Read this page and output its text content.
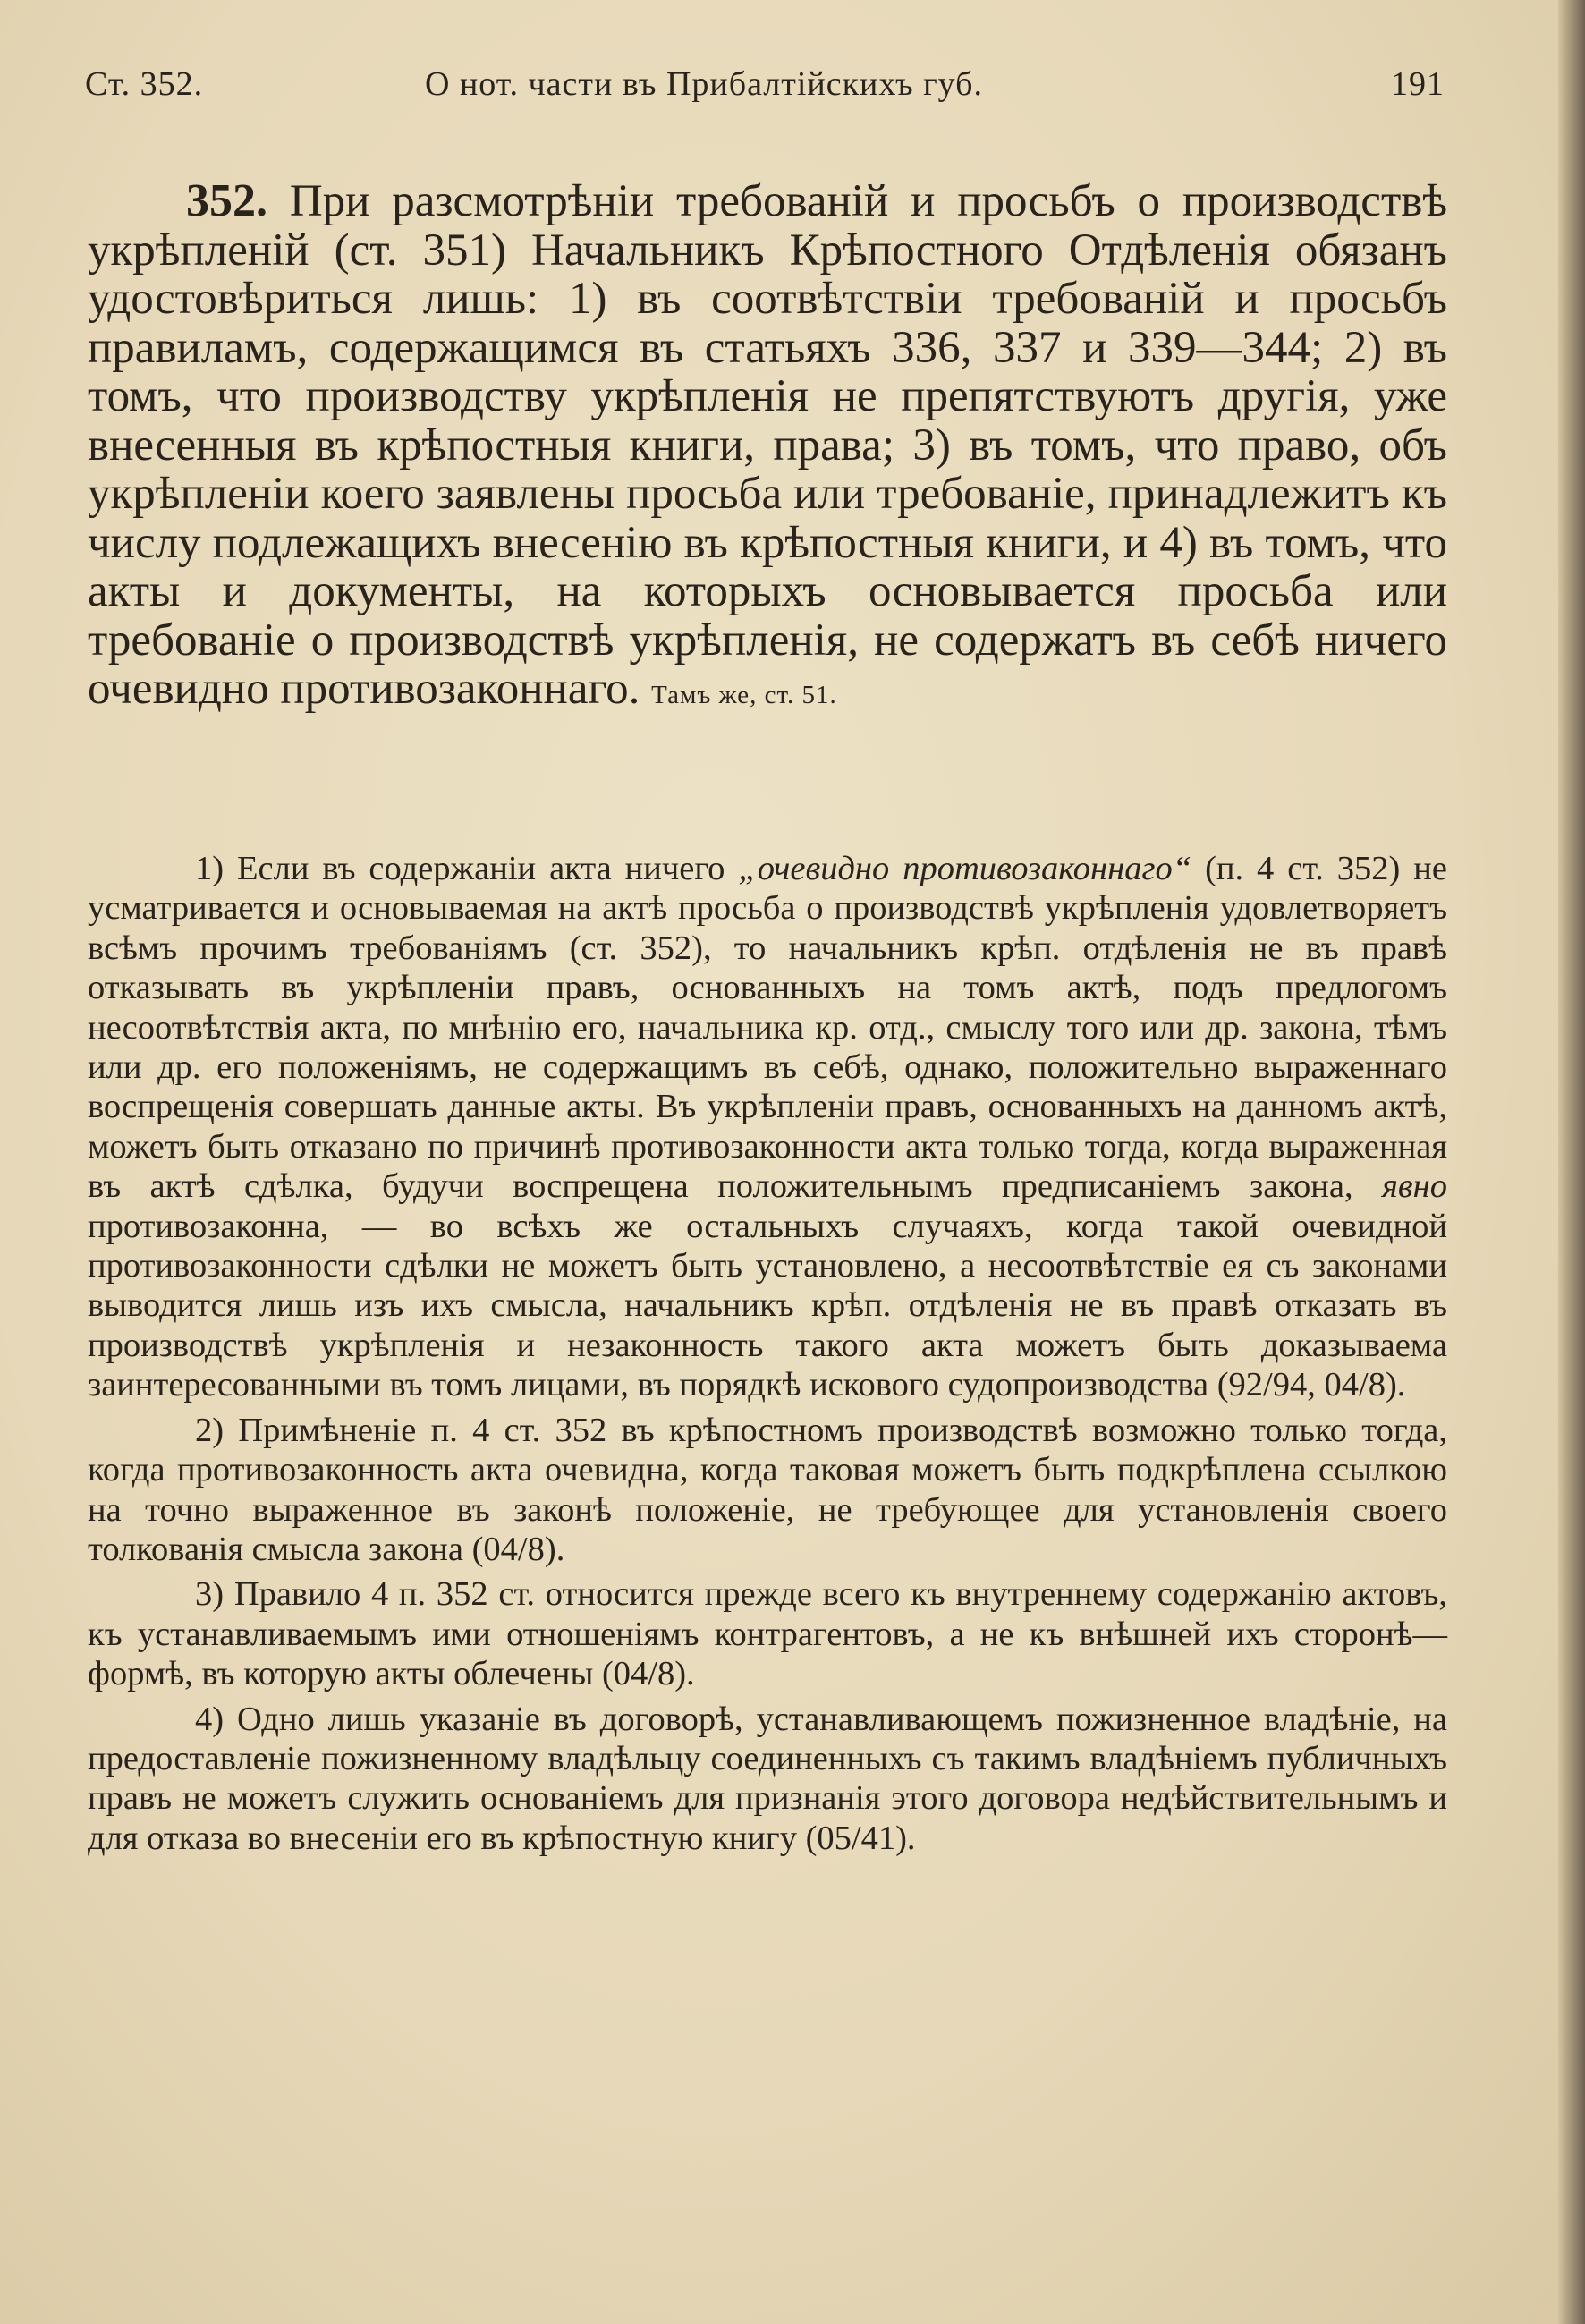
Ст. 352.	О нот. части въ Прибалтiйскихъ губ.	191
352. При разсмотрѣнiи требованiй и просьбъ о производствѣ укрѣпленiй (ст. 351) Начальникъ Крѣпостного Отдѣленiя обязанъ удостовѣриться лишь: 1) въ соотвѣтствiи требованiй и просьбъ правиламъ, содержащимся въ статьяхъ 336, 337 и 339—344; 2) въ томъ, что производству укрѣпленiя не препятствуютъ другiя, уже внесенныя въ крѣпостныя книги, права; 3) въ томъ, что право, объ укрѣпленiи коего заявлены просьба или требованiе, принадлежитъ къ числу подлежащихъ внесенiю въ крѣпостныя книги, и 4) въ томъ, что акты и документы, на которыхъ основывается просьба или требованiе о производствѣ укрѣпленiя, не содержатъ въ себѣ ничего очевидно противозаконнаго. Тамъ же, ст. 51.

1) Если въ содержанiи акта ничего „очевидно противозаконнаго“ (п. 4 ст. 352) не усматривается и основываемая на актѣ просьба о производствѣ укрѣпленiя удовлетворяетъ всѣмъ прочимъ требованiямъ (ст. 352), то начальникъ крѣп. отдѣленiя не въ правѣ отказывать въ укрѣпленiи правъ, основанныхъ на томъ актѣ, подъ предлогомъ несоотвѣтствiя акта, по мнѣнiю его, начальника кр. отд., смыслу того или др. закона, тѣмъ или др. его положенiямъ, не содержащимъ въ себѣ, однако, положительно выраженнаго воспрещенiя совершать данные акты. Въ укрѣпленiи правъ, основанныхъ на данномъ актѣ, можетъ быть отказано по причинѣ противозаконности акта только тогда, когда выраженная въ актѣ сдѣлка, будучи воспрещена положительнымъ предписанiемъ закона, явно противозаконна, — во всѣхъ же остальныхъ случаяхъ, когда такой очевидной противозаконности сдѣлки не можетъ быть установлено, а несоотвѣтствiе ея съ законами выводится лишь изъ ихъ смысла, начальникъ крѣп. отдѣленiя не въ правѣ отказать въ производствѣ укрѣпленiя и незаконность такого акта можетъ быть доказываема заинтересованными въ томъ лицами, въ порядкѣ искового судопроизводства (92/94, 04/8).

2) Примѣненiе п. 4 ст. 352 въ крѣпостномъ производствѣ возможно только тогда, когда противозаконность акта очевидна, когда таковая можетъ быть подкрѣплена ссылкою на точно выраженное въ законѣ положенiе, не требующее для установленiя своего толкованiя смысла закона (04/8).

3) Правило 4 п. 352 ст. относится прежде всего къ внутреннему содержанiю актовъ, къ устанавливаемымъ ими отношенiямъ контрагентовъ, а не къ внѣшней ихъ сторонѣ—формѣ, въ которую акты облечены (04/8).

4) Одно лишь указанiе въ договорѣ, устанавливающемъ пожизненное владѣнiе, на предоставленiе пожизненному владѣльцу соединенныхъ съ такимъ владѣнiемъ публичныхъ правъ не можетъ служить основанiемъ для признанiя этого договора недѣйствительнымъ и для отказа во внесенiи его въ крѣпостную книгу (05/41).
